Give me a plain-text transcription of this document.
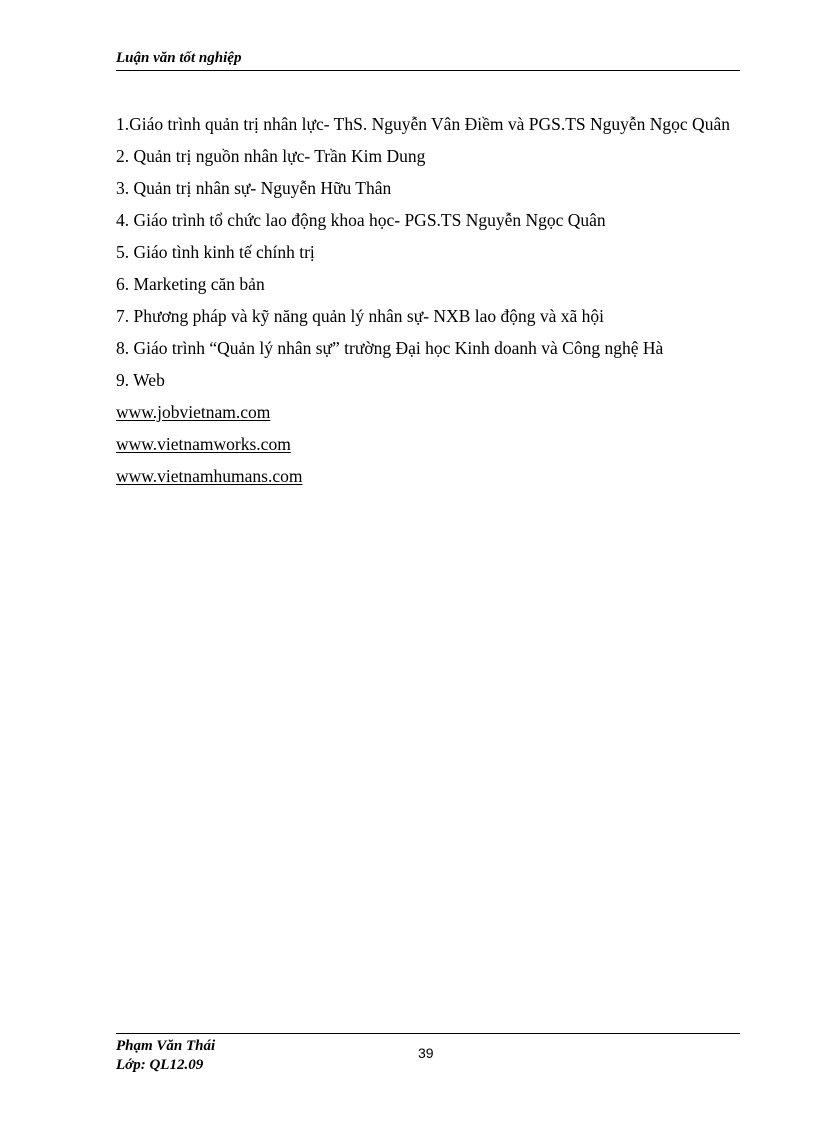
Luận văn tốt nghiệp
1.Giáo trình quản trị nhân lực- ThS. Nguyễn Vân Điềm và PGS.TS Nguyễn Ngọc Quân
2. Quản trị nguồn nhân lực- Trần Kim Dung
3. Quản trị nhân sự- Nguyễn Hữu Thân
4. Giáo trình tổ chức lao động khoa học- PGS.TS Nguyễn Ngọc Quân
5. Giáo tình kinh tế chính trị
6. Marketing căn bản
7. Phương pháp và kỹ năng quản lý nhân sự- NXB lao động và xã hội
8. Giáo trình “Quản lý nhân sự” trường Đại học Kinh doanh và Công nghệ Hà
9. Web
www.jobvietnam.com
www.vietnamworks.com
www.vietnamhumans.com
Phạm Văn Thái
Lớp: QL12.09
39
